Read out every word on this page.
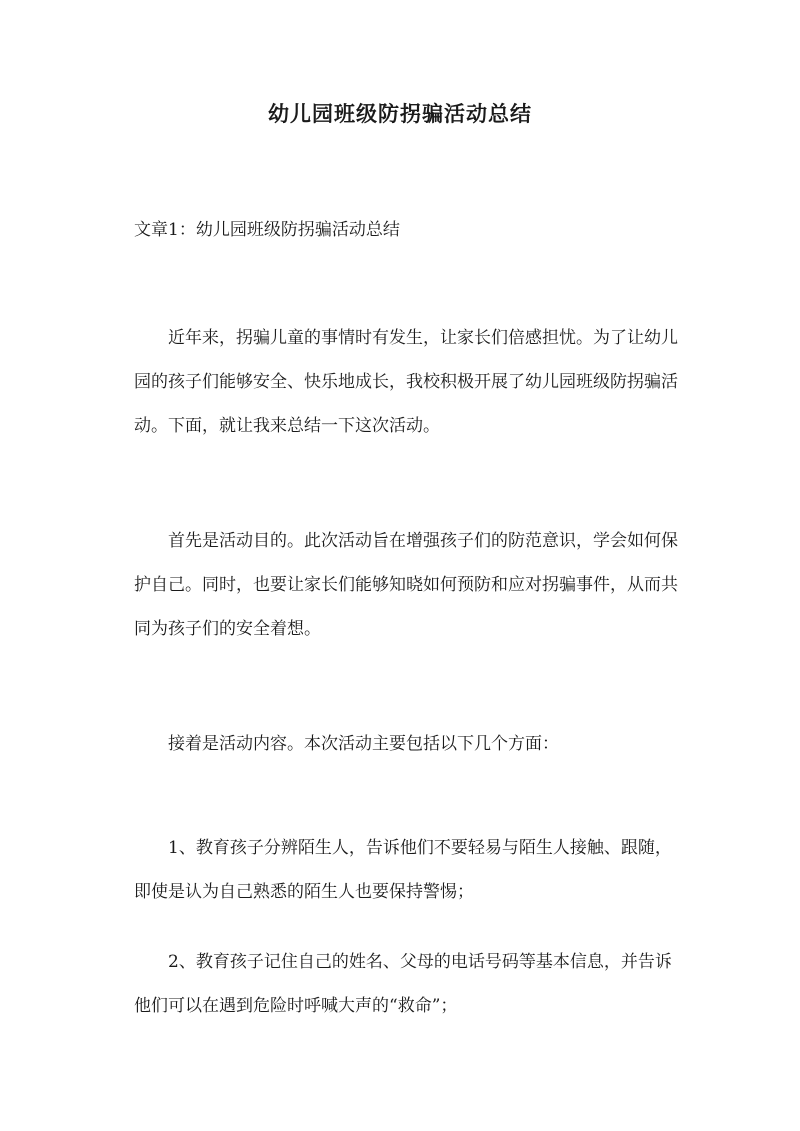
幼儿园班级防拐骗活动总结

文章1：幼儿园班级防拐骗活动总结

近年来，拐骗儿童的事情时有发生，让家长们倍感担忧。为了让幼儿
园的孩子们能够安全、快乐地成长，我校积极开展了幼儿园班级防拐骗活
动。下面，就让我来总结一下这次活动。

首先是活动目的。此次活动旨在增强孩子们的防范意识，学会如何保
护自己。同时，也要让家长们能够知晓如何预防和应对拐骗事件，从而共
同为孩子们的安全着想。

接着是活动内容。本次活动主要包括以下几个方面：

1、教育孩子分辨陌生人，告诉他们不要轻易与陌生人接触、跟随，
即使是认为自己熟悉的陌生人也要保持警惕；

2、教育孩子记住自己的姓名、父母的电话号码等基本信息，并告诉
他们可以在遇到危险时呼喊大声的“救命”；
